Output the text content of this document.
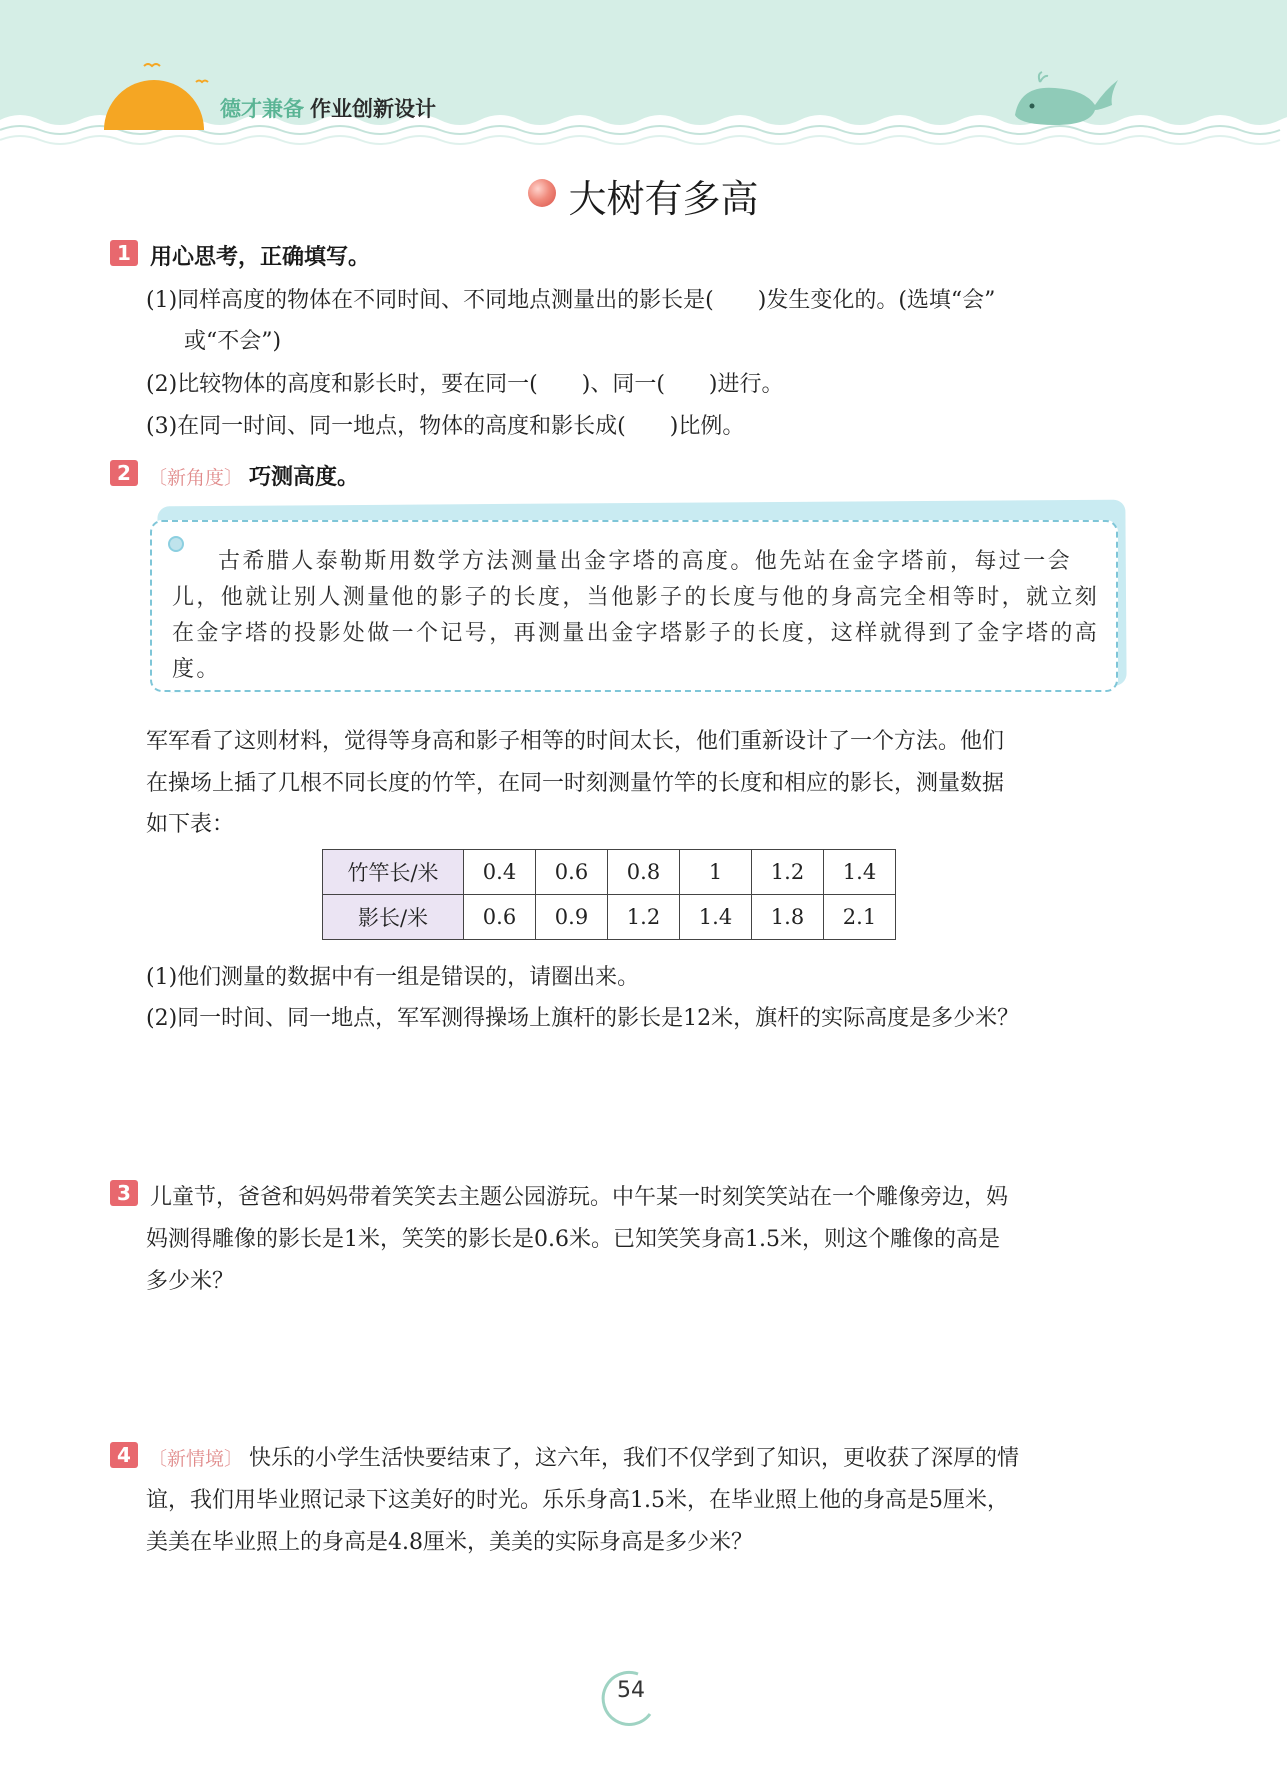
德才兼备 作业创新设计
大树有多高
1 用心思考，正确填写。
(1)同样高度的物体在不同时间、不同地点测量出的影长是(　　)发生变化的。(选填“会”
或“不会”)
(2)比较物体的高度和影长时，要在同一(　　)、同一(　　)进行。
(3)在同一时间、同一地点，物体的高度和影长成(　　)比例。
2 〔新角度〕 巧测高度。
古希腊人泰勒斯用数学方法测量出金字塔的高度。他先站在金字塔前，每过一会儿，他就让别人测量他的影子的长度，当他影子的长度与他的身高完全相等时，就立刻在金字塔的投影处做一个记号，再测量出金字塔影子的长度，这样就得到了金字塔的高度。
军军看了这则材料，觉得等身高和影子相等的时间太长，他们重新设计了一个方法。他们
在操场上插了几根不同长度的竹竿，在同一时刻测量竹竿的长度和相应的影长，测量数据
如下表：
竹竿长/米	0.4	0.6	0.8	1	1.2	1.4
影长/米	0.6	0.9	1.2	1.4	1.8	2.1
(1)他们测量的数据中有一组是错误的，请圈出来。
(2)同一时间、同一地点，军军测得操场上旗杆的影长是12米，旗杆的实际高度是多少米？
3 儿童节，爸爸和妈妈带着笑笑去主题公园游玩。中午某一时刻笑笑站在一个雕像旁边，妈
妈测得雕像的影长是1米，笑笑的影长是0.6米。已知笑笑身高1.5米，则这个雕像的高是
多少米？
4 〔新情境〕 快乐的小学生活快要结束了，这六年，我们不仅学到了知识，更收获了深厚的情
谊，我们用毕业照记录下这美好的时光。乐乐身高1.5米，在毕业照上他的身高是5厘米，
美美在毕业照上的身高是4.8厘米，美美的实际身高是多少米？
54
